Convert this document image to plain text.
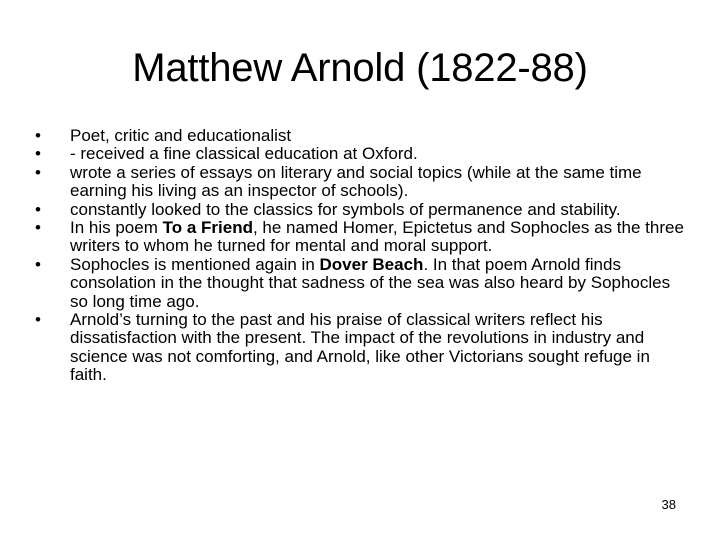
Matthew Arnold (1822-88)
• Poet, critic and educationalist
• - received a fine classical education at Oxford.
• wrote a series of essays on literary and social topics (while at the same time earning his living as an inspector of schools).
• constantly looked to the classics for symbols of permanence and stability.
• In his poem To a Friend, he named Homer, Epictetus and Sophocles as the three writers to whom he turned for mental and moral support.
• Sophocles is mentioned again in Dover Beach. In that poem Arnold finds consolation in the thought that sadness of the sea was also heard by Sophocles so long time ago.
• Arnold’s turning to the past and his praise of classical writers reflect his dissatisfaction with the present. The impact of the revolutions in industry and science was not comforting, and Arnold, like other Victorians sought refuge in faith.
38
